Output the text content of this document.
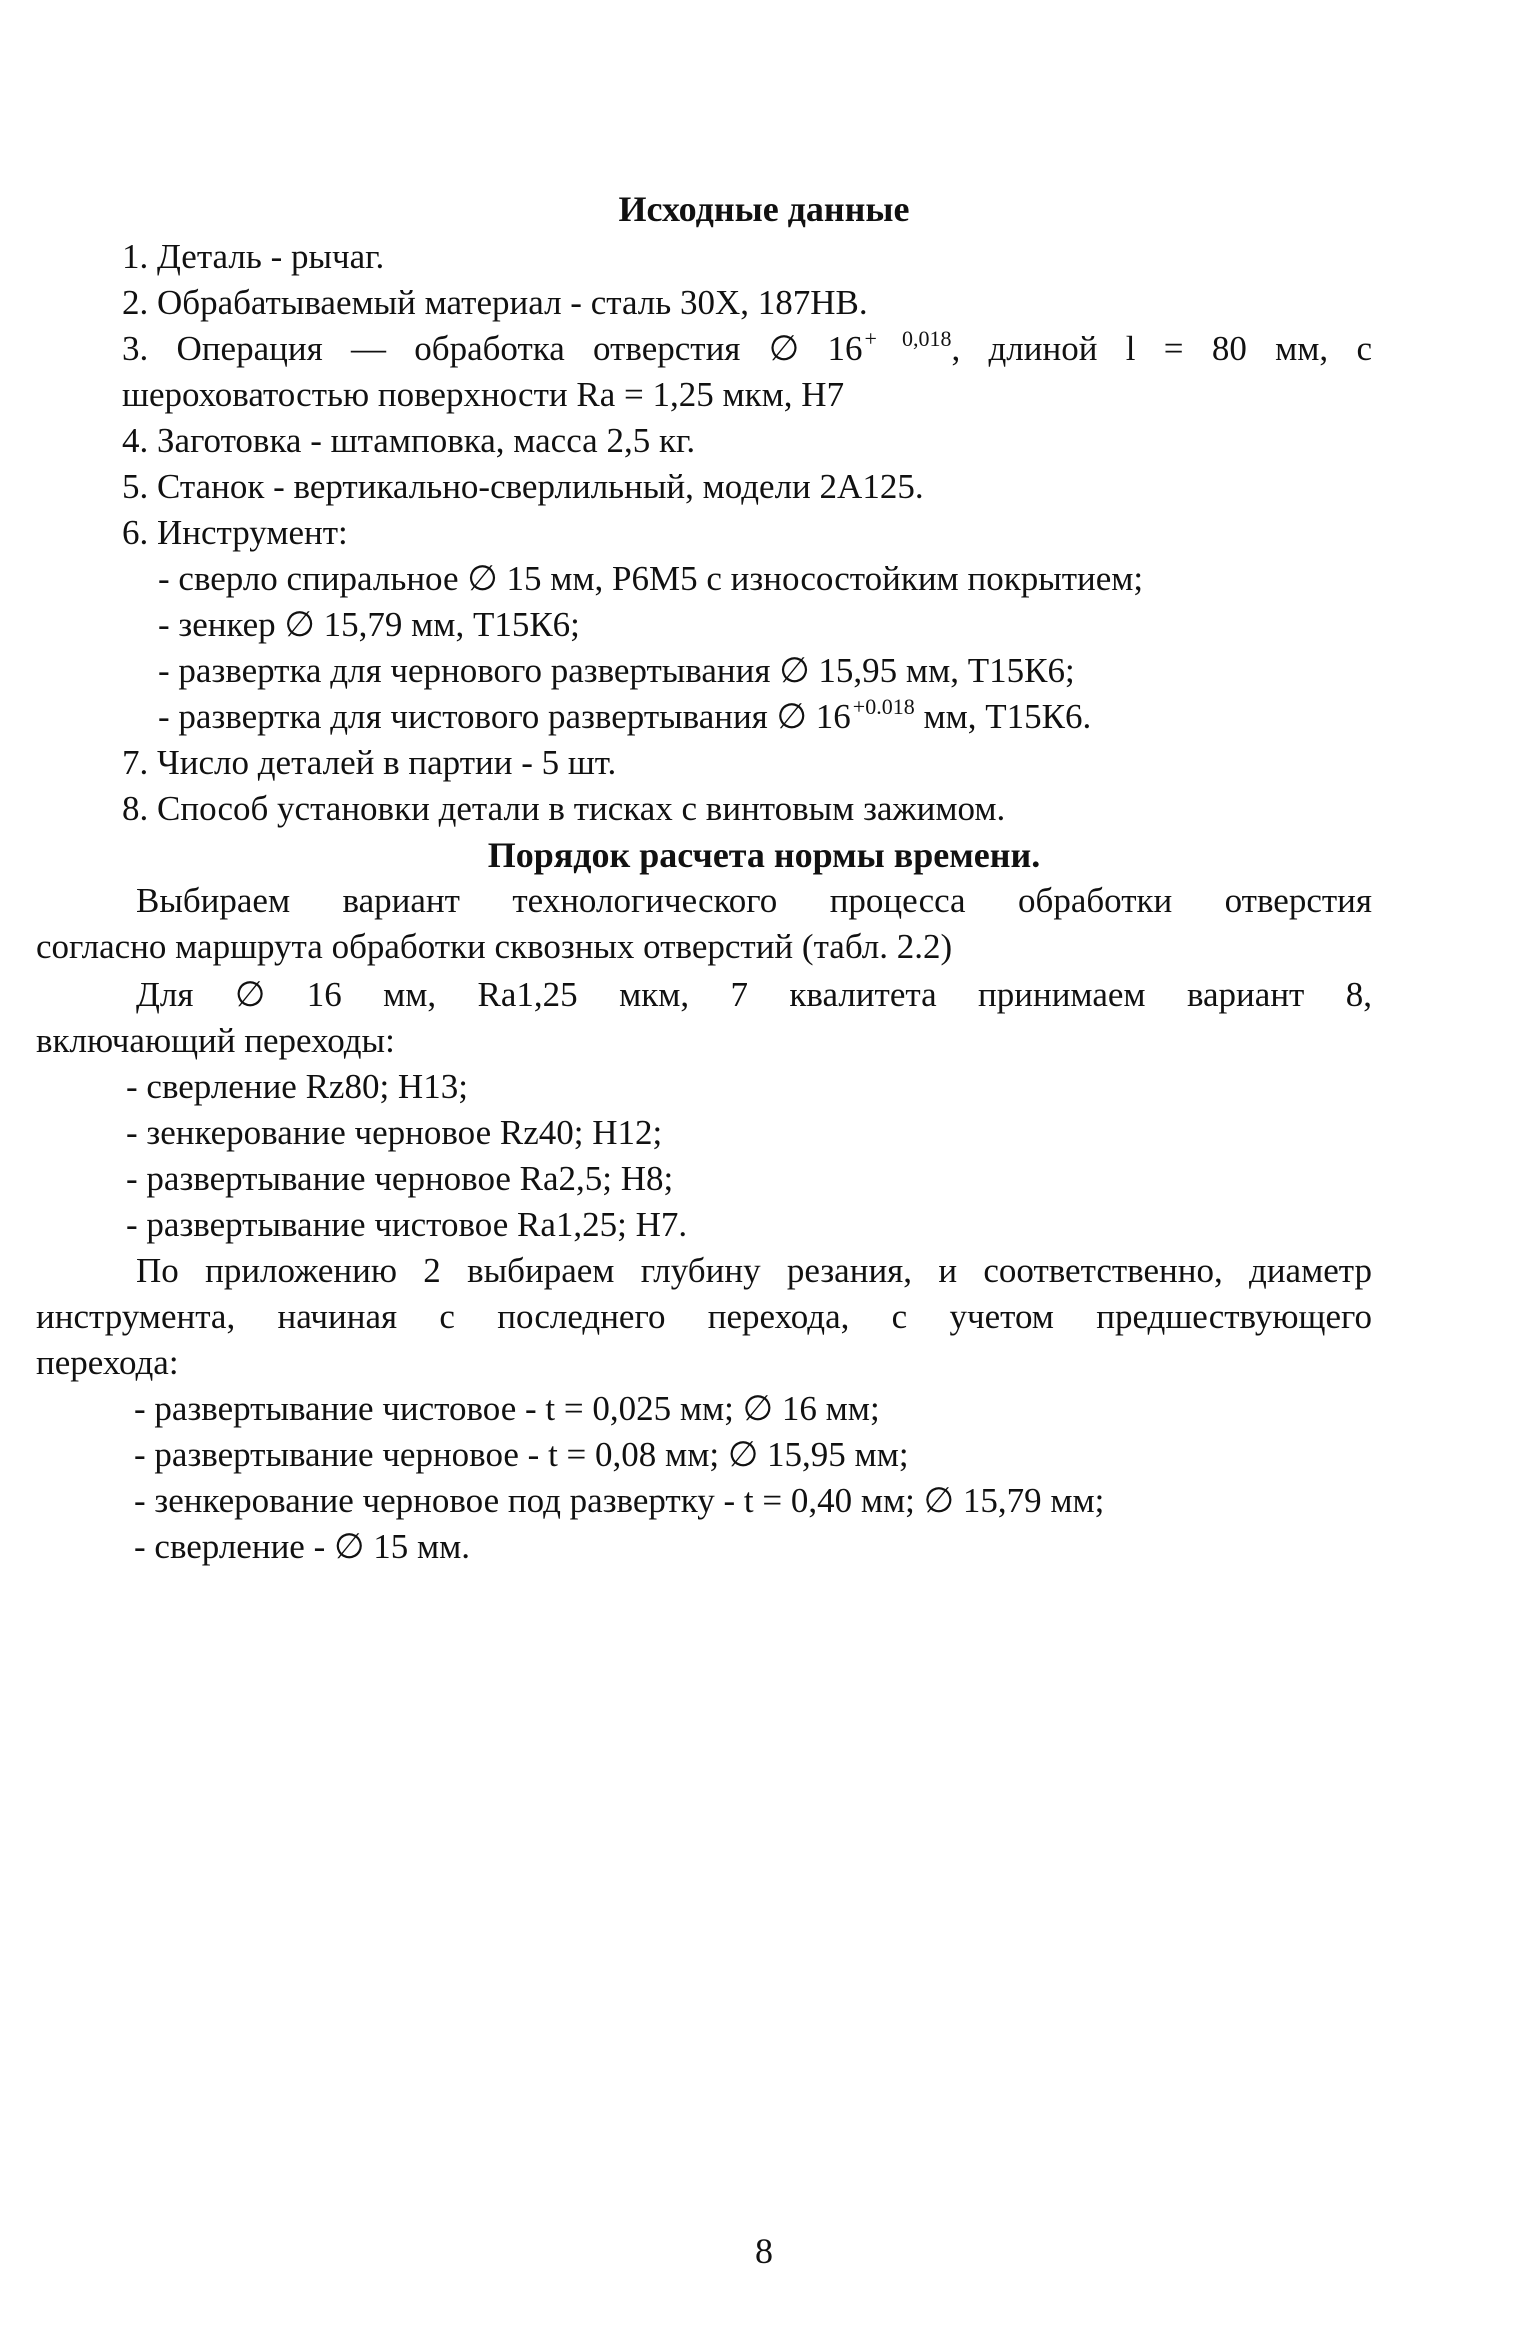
Исходные данные

1. Деталь - рычаг.

2. Обрабатываемый материал - сталь 30Х, 187НВ.

3. Операция — обработка отверстия ∅ $16^{+ 0,018}$, длиной l = 80 мм, с

шероховатостью поверхности Ra = 1,25 мкм, H7

4. Заготовка - штамповка, масса 2,5 кг.

5. Станок - вертикально-сверлильный, модели 2А125.

6. Инструмент:

- сверло спиральное ∅ 15 мм, Р6М5 с износостойким покрытием;

- зенкер ∅ 15,79 мм, Т15К6;

- развертка для чернового развертывания ∅ 15,95 мм, Т15К6;

- развертка для чистового развертывания ∅ $16^{+0.018}$ мм, Т15К6.

7. Число деталей в партии - 5 шт.

8. Способ установки детали в тисках с винтовым зажимом.

Порядок расчета нормы времени.

Выбираем вариант технологического процесса обработки отверстия

согласно маршрута обработки сквозных отверстий (табл. 2.2)

Для ∅ 16 мм, Ra1,25 мкм, 7 квалитета принимаем вариант 8,

включающий переходы:

- сверление Rz80; H13;

- зенкерование черновое Rz40; H12;

- развертывание черновое Ra2,5; H8;

- развертывание чистовое Ra1,25; H7.

По приложению 2 выбираем глубину резания, и соответственно, диаметр

инструмента, начиная с последнего перехода, с учетом предшествующего

перехода:

- развертывание чистовое - t = 0,025 мм; ∅ 16 мм;

- развертывание черновое - t = 0,08 мм; ∅ 15,95 мм;

- зенкерование черновое под развертку - t = 0,40 мм; ∅ 15,79 мм;

- сверление - ∅ 15 мм.

8
